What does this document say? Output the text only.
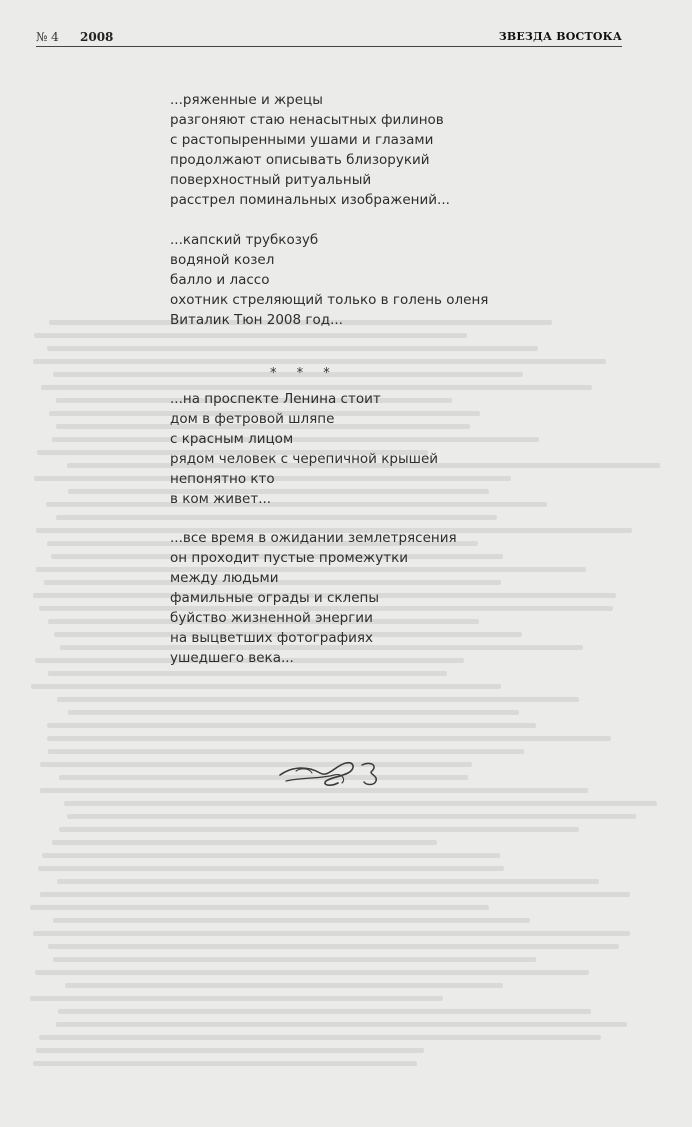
№ 4 2008	ЗВЕЗДА ВОСТОКА
...ряженные и жрецы
разгоняют стаю ненасытных филинов
с растопыренными ушами и глазами
продолжают описывать близорукий
поверхностный ритуальный
расстрел поминальных изображений...
...капский трубкозуб
водяной козел
балло и лассо
охотник стреляющий только в голень оленя
Виталик Тюн 2008 год...
* * *
...на проспекте Ленина стоит
дом в фетровой шляпе
с красным лицом
рядом человек с черепичной крышей
непонятно кто
в ком живет...
...все время в ожидании землетрясения
он проходит пустые промежутки
между людьми
фамильные ограды и склепы
буйство жизненной энергии
на выцветших фотографиях
ушедшего века...
